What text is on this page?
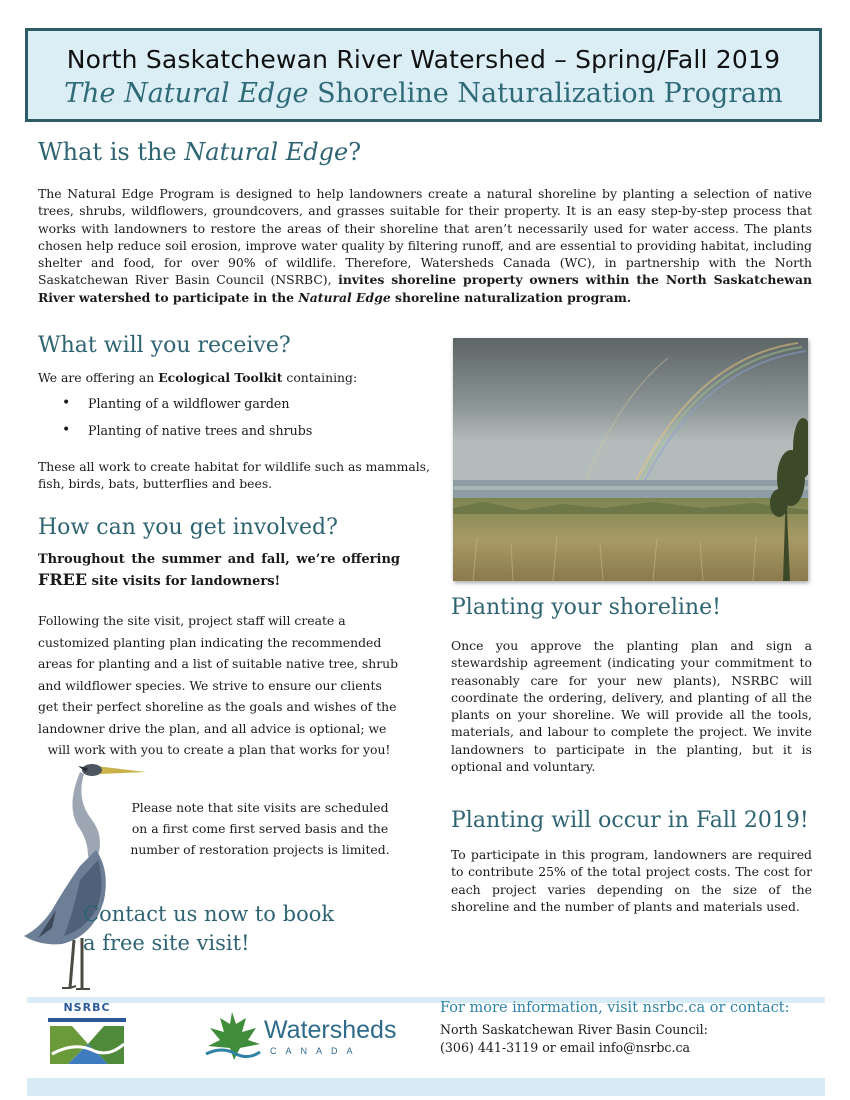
North Saskatchewan River Watershed – Spring/Fall 2019
The Natural Edge Shoreline Naturalization Program
What is the Natural Edge?
The Natural Edge Program is designed to help landowners create a natural shoreline by planting a selection of native trees, shrubs, wildflowers, groundcovers, and grasses suitable for their property. It is an easy step-by-step process that works with landowners to restore the areas of their shoreline that aren’t necessarily used for water access. The plants chosen help reduce soil erosion, improve water quality by filtering runoff, and are essential to providing habitat, including shelter and food, for over 90% of wildlife. Therefore, Watersheds Canada (WC), in partnership with the North Saskatchewan River Basin Council (NSRBC), invites shoreline property owners within the North Saskatchewan River watershed to participate in the Natural Edge shoreline naturalization program.
What will you receive?
We are offering an Ecological Toolkit containing:
• Planting of a wildflower garden
• Planting of native trees and shrubs
These all work to create habitat for wildlife such as mammals, fish, birds, bats, butterflies and bees.
How can you get involved?
Throughout the summer and fall, we’re offering FREE site visits for landowners!
Following the site visit, project staff will create a customized planting plan indicating the recommended areas for planting and a list of suitable native tree, shrub and wildflower species. We strive to ensure our clients get their perfect shoreline as the goals and wishes of the landowner drive the plan, and all advice is optional; we will work with you to create a plan that works for you!
Please note that site visits are scheduled on a first come first served basis and the number of restoration projects is limited.
Contact us now to book a free site visit!
Planting your shoreline!
Once you approve the planting plan and sign a stewardship agreement (indicating your commitment to reasonably care for your new plants), NSRBC will coordinate the ordering, delivery, and planting of all the plants on your shoreline. We will provide all the tools, materials, and labour to complete the project. We invite landowners to participate in the planting, but it is optional and voluntary.
Planting will occur in Fall 2019!
To participate in this program, landowners are required to contribute 25% of the total project costs. The cost for each project varies depending on the size of the shoreline and the number of plants and materials used.
NSRBC
Watersheds
CANADA
For more information, visit nsrbc.ca or contact:
North Saskatchewan River Basin Council:
(306) 441-3119 or email info@nsrbc.ca
